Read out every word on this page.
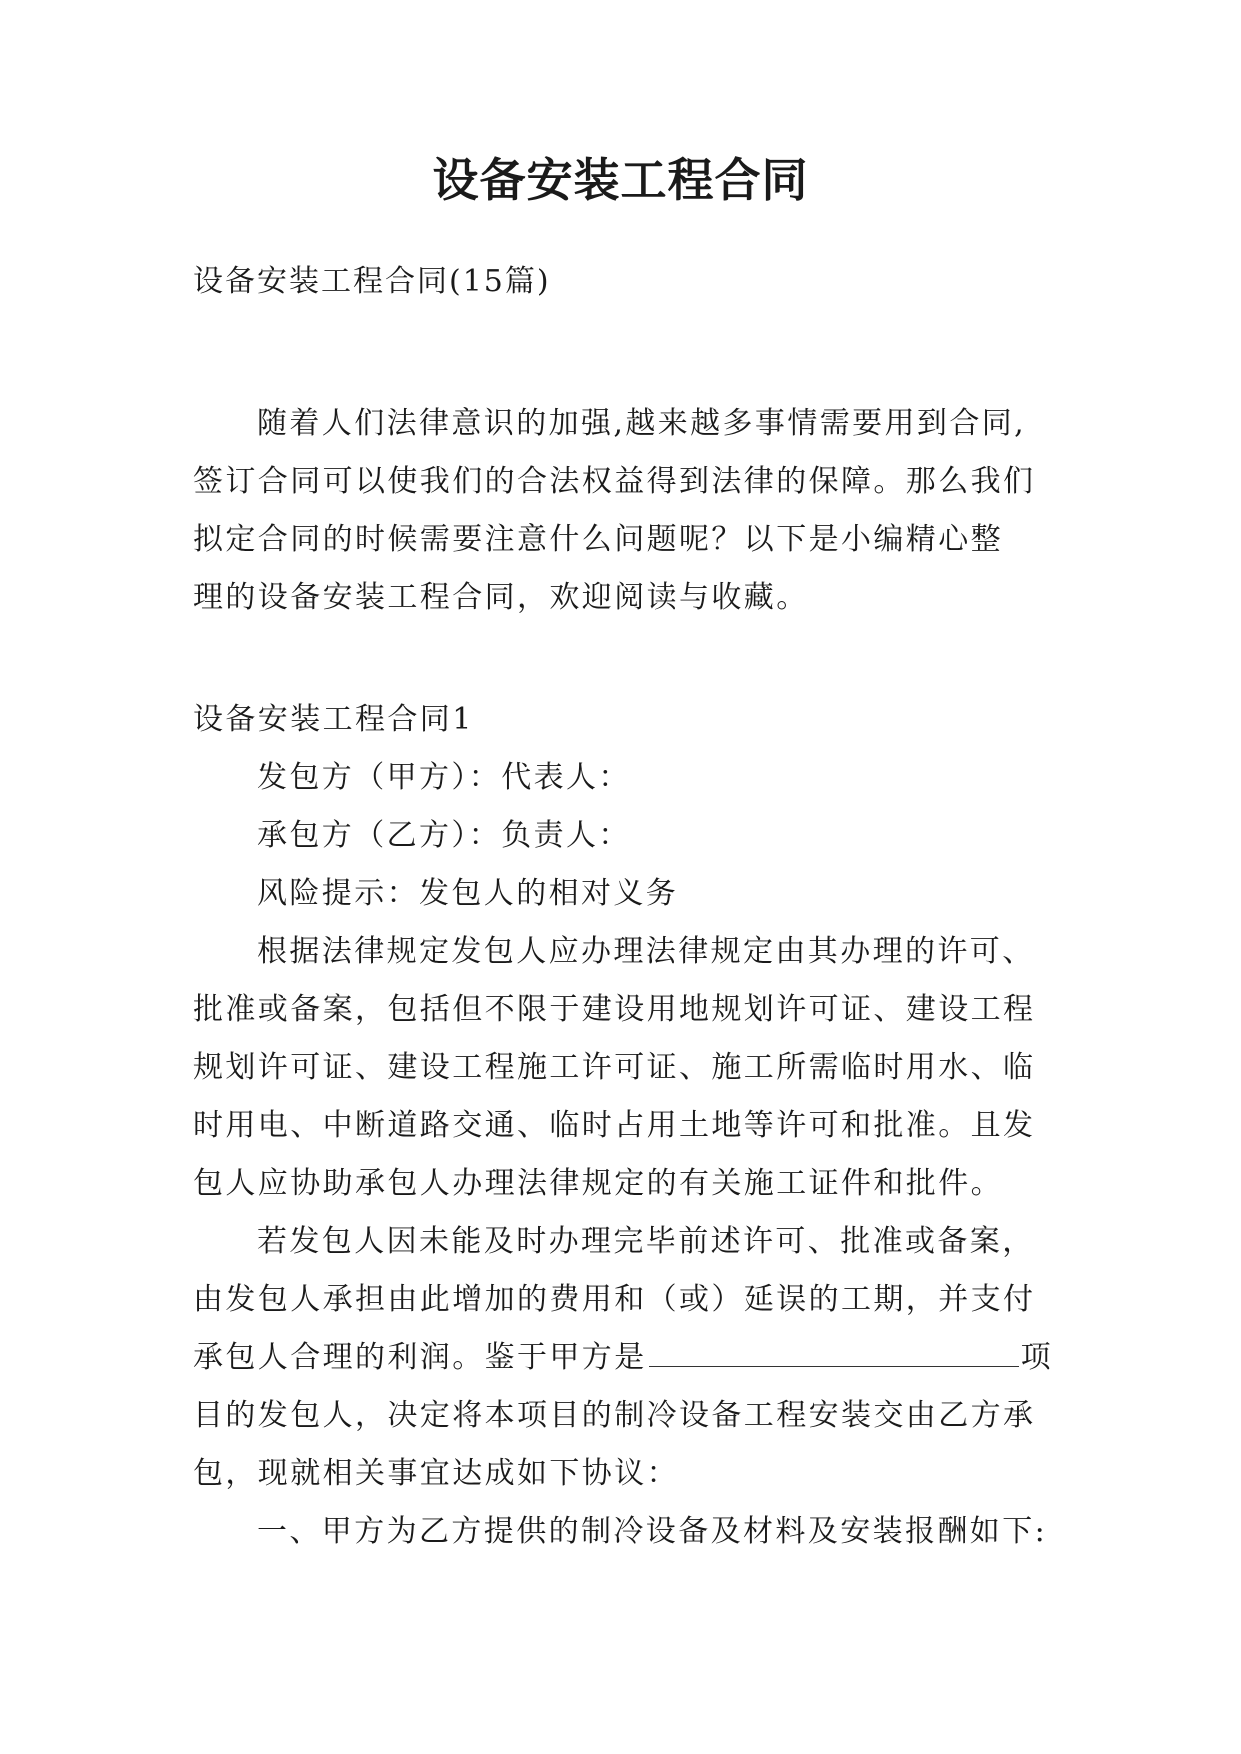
设备安装工程合同
设备安装工程合同(15篇)
随着人们法律意识的加强,越来越多事情需要用到合同,
签订合同可以使我们的合法权益得到法律的保障。那么我们
拟定合同的时候需要注意什么问题呢？以下是小编精心整
理的设备安装工程合同，欢迎阅读与收藏。
设备安装工程合同1
发包方（甲方）：代表人：
承包方（乙方）：负责人：
风险提示：发包人的相对义务
根据法律规定发包人应办理法律规定由其办理的许可、
批准或备案，包括但不限于建设用地规划许可证、建设工程
规划许可证、建设工程施工许可证、施工所需临时用水、临
时用电、中断道路交通、临时占用土地等许可和批准。且发
包人应协助承包人办理法律规定的有关施工证件和批件。
若发包人因未能及时办理完毕前述许可、批准或备案，
由发包人承担由此增加的费用和（或）延误的工期，并支付
承包人合理的利润。鉴于甲方是	项
目的发包人，决定将本项目的制冷设备工程安装交由乙方承
包，现就相关事宜达成如下协议：
一、甲方为乙方提供的制冷设备及材料及安装报酬如下:
